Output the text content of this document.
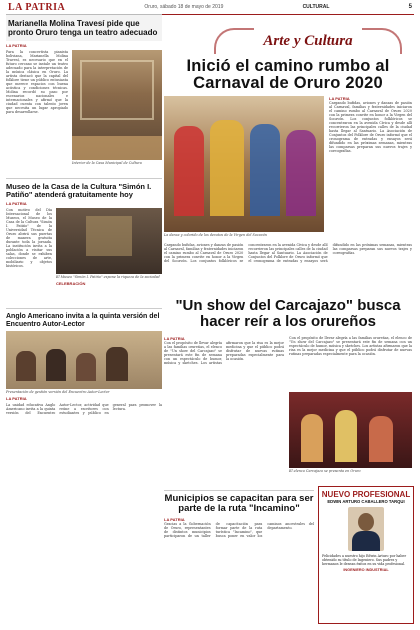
LA PATRIA	Oruro, sábado 18 de mayo de 2019	CULTURAL	5
Arte y Cultura
Marianella Molina Travesí pide que pronto Oruro tenga un teatro adecuado
LA PATRIA
Para la concertista pianista boliviana, Marianella Molina Travesí, es necesario que en el futuro cercano se instale un teatro adecuado para la interpretación de la música clásica en Oruro. La artista destacó que la capital del folklore tiene un público entusiasta que merece espacios con buena acústica y condiciones técnicas. Molina recordó su paso por escenarios nacionales e internacionales y afirmó que la ciudad cuenta con talento joven que necesita un lugar apropiado para desarrollarse.
Interior de la Casa Municipal de Cultura
Museo de la Casa de la Cultura "Simón I. Patiño" atenderá gratuitamente hoy
LA PATRIA
Con motivo del Día Internacional de los Museos, el Museo de la Casa de la Cultura "Simón I. Patiño" de la Universidad Técnica de Oruro abrirá sus puertas de manera gratuita durante toda la jornada. La institución invita a la población a visitar sus salas, donde se exhiben colecciones de arte, mobiliario y objetos históricos.
El Museo "Simón I. Patiño" expone la riqueza de la sociedad
CELEBRACIÓN
Anglo Americano invita a la quinta versión del Encuentro Autor-Lector
Presentación de gestión versión del Encuentro Autor-Lector
LA PATRIA
La unidad educativa Anglo Americano invita a la quinta versión del Encuentro Autor-Lector, actividad que reúne a escritores con estudiantes y público en general para promover la lectura.
Inició el camino rumbo al Carnaval de Oruro 2020
La danza y colorido de los devotos de la Virgen del Socavón
LA PATRIA
Cargando bufidas, aviones y danzas de pasión al Carnaval, familias y fraternidades iniciaron el camino rumbo al Carnaval de Oruro 2020 con la primera convite en honor a la Virgen del Socavón. Los conjuntos folklóricos se concentraron en la avenida Cívica y desde allí recorrieron las principales calles de la ciudad hasta llegar al Santuario. La Asociación de Conjuntos del Folklore de Oruro informó que el cronograma de entradas y ensayos será difundido en las próximas semanas, mientras las comparsas preparan sus nuevos trajes y coreografías.
Cargando bufidas, aviones y danzas de pasión al Carnaval, familias y fraternidades iniciaron el camino rumbo al Carnaval de Oruro 2020 con la primera convite en honor a la Virgen del Socavón. Los conjuntos folklóricos se concentraron en la avenida Cívica y desde allí recorrieron las principales calles de la ciudad hasta llegar al Santuario. La Asociación de Conjuntos del Folklore de Oruro informó que el cronograma de entradas y ensayos será difundido en las próximas semanas, mientras las comparsas preparan sus nuevos trajes y coreografías.
"Un show del Carcajazo" busca hacer reír a los orureños
LA PATRIA
Con el propósito de llevar alegría a las familias orureñas, el elenco de "Un show del Carcajazo" se presentará este fin de semana con un espectáculo de humor, música y sketches. Los artistas afirmaron que la risa es la mejor medicina y que el público podrá disfrutar de nuevas rutinas preparadas especialmente para la ocasión.
Con el propósito de llevar alegría a las familias orureñas, el elenco de "Un show del Carcajazo" se presentará este fin de semana con un espectáculo de humor, música y sketches. Los artistas afirmaron que la risa es la mejor medicina y que el público podrá disfrutar de nuevas rutinas preparadas especialmente para la ocasión.
El elenco Carcajazo se presenta en Oruro
Municipios se capacitan para ser parte de la ruta "Incamino"
LA PATRIA
Gracias a la Gobernación de Oruro, representantes de distintos municipios participaron de un taller de capacitación para formar parte de la ruta turística "Incamino", que busca poner en valor los caminos ancestrales del departamento.
NUEVO PROFESIONAL
EDWIN ARTURO CABALLERO TARQUI
Felicidades a nuestro hijo Edwin Arturo por haber obtenido su título de Ingeniero. Sus padres y hermanos le desean éxitos en su vida profesional.
INGENIERO INDUSTRIAL
